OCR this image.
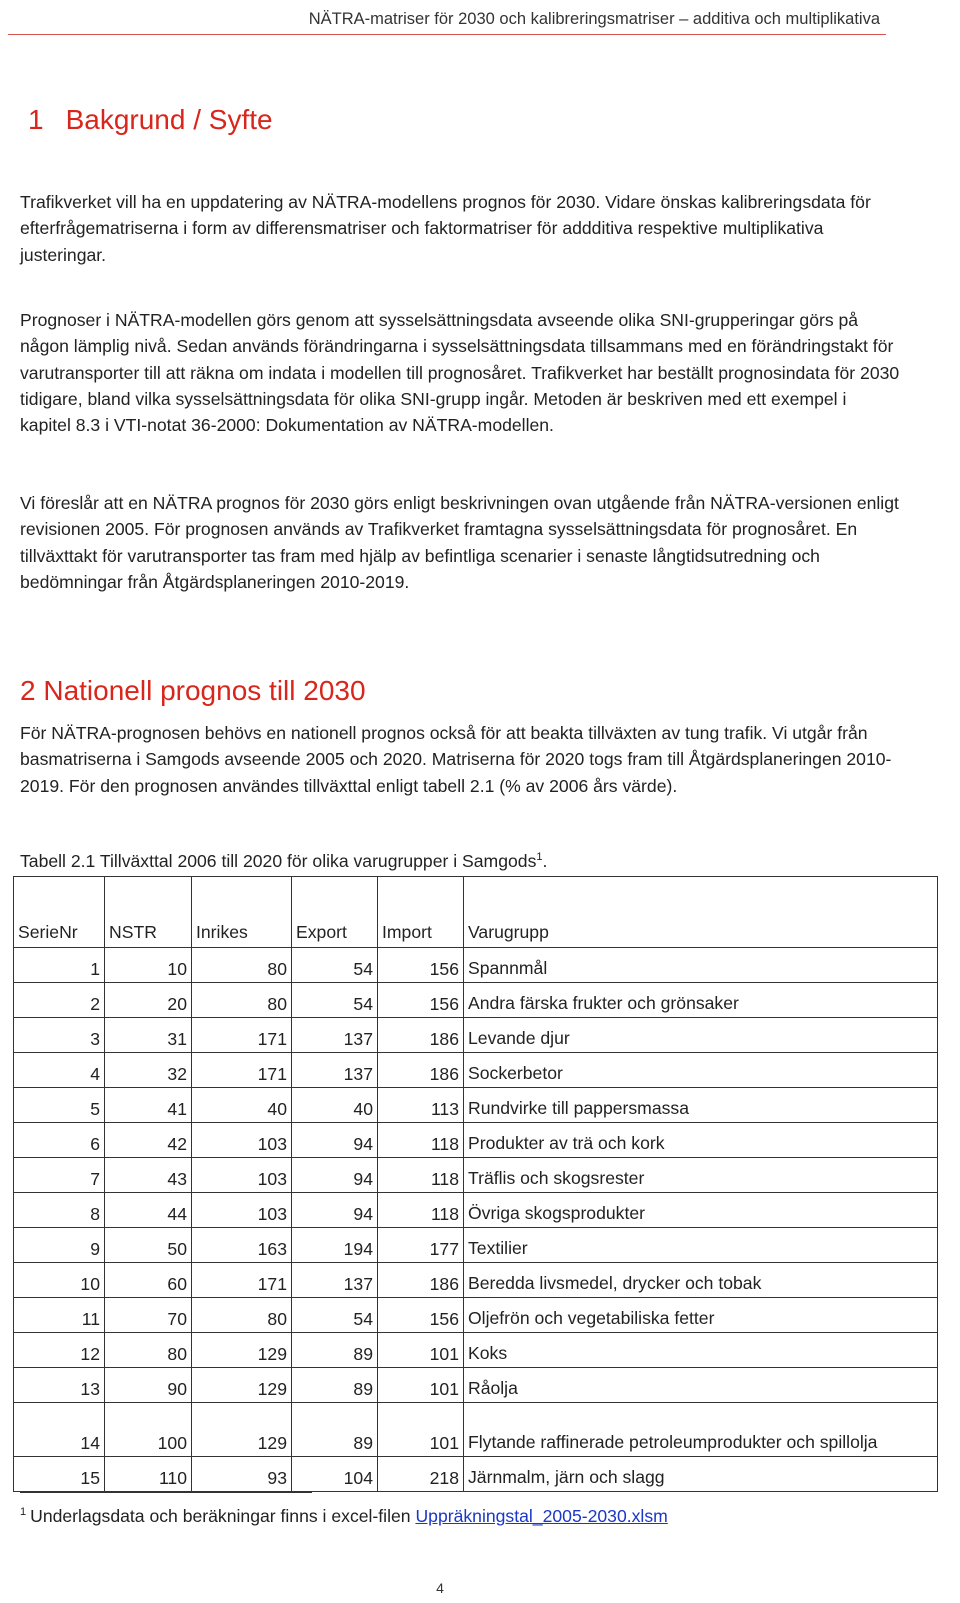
NÄTRA-matriser för 2030 och kalibreringsmatriser – additiva och multiplikativa
1 Bakgrund / Syfte

Trafikverket vill ha en uppdatering av NÄTRA-modellens prognos för 2030. Vidare önskas kalibreringsdata för efterfrågematriserna i form av differensmatriser och faktormatriser för addditiva respektive multiplikativa justeringar.

Prognoser i NÄTRA-modellen görs genom att sysselsättningsdata avseende olika SNI-grupperingar görs på någon lämplig nivå. Sedan används förändringarna i sysselsättningsdata tillsammans med en förändringstakt för varutransporter till att räkna om indata i modellen till prognosåret. Trafikverket har beställt prognosindata för 2030 tidigare, bland vilka sysselsättningsdata för olika SNI-grupp ingår. Metoden är beskriven med ett exempel i kapitel 8.3 i VTI-notat 36-2000: Dokumentation av NÄTRA-modellen.

Vi föreslår att en NÄTRA prognos för 2030 görs enligt beskrivningen ovan utgående från NÄTRA-versionen enligt revisionen 2005. För prognosen används av Trafikverket framtagna sysselsättningsdata för prognosåret. En tillväxttakt för varutransporter tas fram med hjälp av befintliga scenarier i senaste långtidsutredning och bedömningar från Åtgärdsplaneringen 2010-2019.

2 Nationell prognos till 2030

För NÄTRA-prognosen behövs en nationell prognos också för att beakta tillväxten av tung trafik. Vi utgår från basmatriserna i Samgods avseende 2005 och 2020. Matriserna för 2020 togs fram till Åtgärdsplaneringen 2010-2019. För den prognosen användes tillväxttal enligt tabell 2.1 (% av 2006 års värde).

Tabell 2.1 Tillväxttal 2006 till 2020 för olika varugrupper i Samgods$^1$.
SerieNr	NSTR	Inrikes	Export	Import	Varugrupp
1	10	80	54	156	Spannmål
2	20	80	54	156	Andra färska frukter och grönsaker
3	31	171	137	186	Levande djur
4	32	171	137	186	Sockerbetor
5	41	40	40	113	Rundvirke till pappersmassa
6	42	103	94	118	Produkter av trä och kork
7	43	103	94	118	Träflis och skogsrester
8	44	103	94	118	Övriga skogsprodukter
9	50	163	194	177	Textilier
10	60	171	137	186	Beredda livsmedel, drycker och tobak
11	70	80	54	156	Oljefrön och vegetabiliska fetter
12	80	129	89	101	Koks
13	90	129	89	101	Råolja
14	100	129	89	101	Flytande raffinerade petroleumprodukter och spillolja
15	110	93	104	218	Järnmalm, järn och slagg
$^1$ Underlagsdata och beräkningar finns i excel-filen Uppräkningstal_2005-2030.xlsm
4
